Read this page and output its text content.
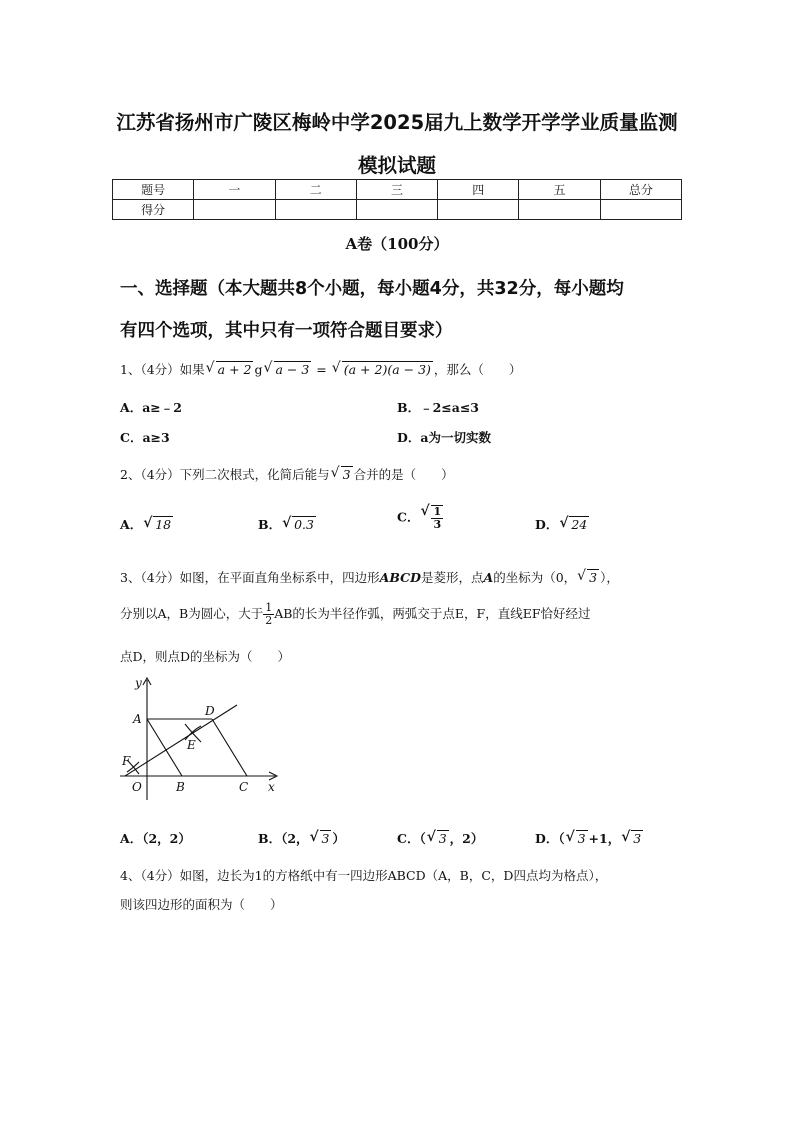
江苏省扬州市广陵区梅岭中学2025届九上数学开学学业质量监测
模拟试题
题号	一	二	三	四	五	总分
得分						
A卷（100分）
一、选择题（本大题共8个小题，每小题4分，共32分，每小题均
有四个选项，其中只有一项符合题目要求）
1、（4分）如果 √ a + 2 g √ a − 3 = √ (a + 2)(a − 3) ，那么（　　）
A．a≥﹣2	B．﹣2≤a≤3
C．a≥3	D．a为一切实数
2、（4分）下列二次根式，化简后能与 √ 3 合并的是（　　）
A． √ 18	B． √ 0.3	C． √ $\frac{1}{3}$	D． √ 24
3、（4分）如图，在平面直角坐标系中，四边形ABCD是菱形，点A的坐标为（0， √ 3 ），
分别以A，B为圆心，大于 $\frac{1}{2}$ AB的长为半径作弧，两弧交于点E，F，直线EF恰好经过
点D，则点D的坐标为（　　）
y
x
A
D
E
F
O	B	C
A．（2，2）	B．（2， √ 3 ）	C．（ √ 3 ，2）	D．（ √ 3 +1， √ 3
4、（4分）如图，边长为1的方格纸中有一四边形ABCD（A，B，C，D四点均为格点），
则该四边形的面积为（　　）
